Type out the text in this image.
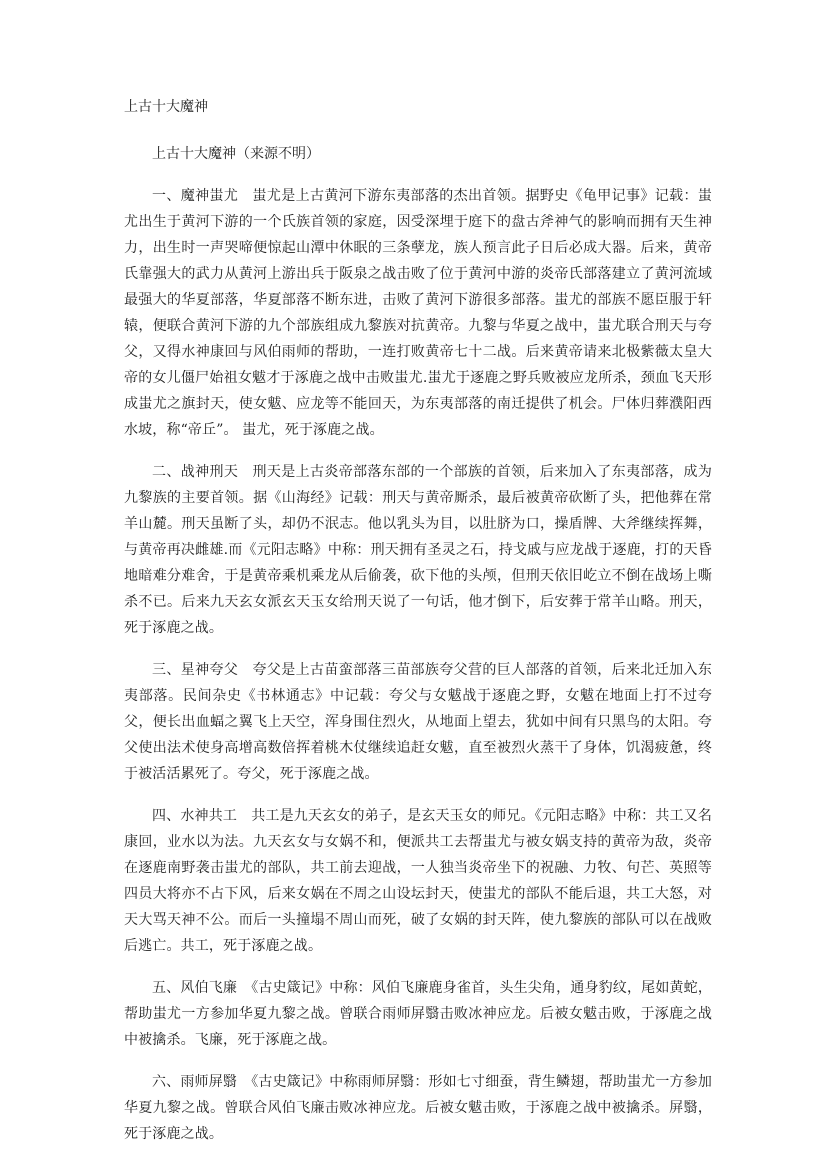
上古十大魔神
上古十大魔神（来源不明）

一、魔神蚩尤　蚩尤是上古黄河下游东夷部落的杰出首领。据野史《龟甲记事》记载：蚩尤出生于黄河下游的一个氏族首领的家庭，因受深埋于庭下的盘古斧神气的影响而拥有天生神力，出生时一声哭啼便惊起山潭中休眠的三条孽龙，族人预言此子日后必成大器。后来，黄帝氏靠强大的武力从黄河上游出兵于阪泉之战击败了位于黄河中游的炎帝氏部落建立了黄河流域最强大的华夏部落，华夏部落不断东进，击败了黄河下游很多部落。蚩尤的部族不愿臣服于轩辕，便联合黄河下游的九个部族组成九黎族对抗黄帝。九黎与华夏之战中，蚩尤联合刑天与夸父，又得水神康回与风伯雨师的帮助，一连打败黄帝七十二战。后来黄帝请来北极紫薇太皇大帝的女儿僵尸始祖女魃才于涿鹿之战中击败蚩尤.蚩尤于逐鹿之野兵败被应龙所杀，颈血飞天形成蚩尤之旗封天，使女魃、应龙等不能回天，为东夷部落的南迁提供了机会。尸体归葬濮阳西水坡，称“帝丘”。 蚩尤，死于涿鹿之战。

二、战神刑天　刑天是上古炎帝部落东部的一个部族的首领，后来加入了东夷部落，成为九黎族的主要首领。据《山海经》记载：刑天与黄帝厮杀，最后被黄帝砍断了头，把他葬在常羊山麓。刑天虽断了头，却仍不泯志。他以乳头为目，以肚脐为口，操盾牌、大斧继续挥舞，与黄帝再决雌雄.而《元阳志略》中称：刑天拥有圣灵之石，持戈戚与应龙战于逐鹿，打的天昏地暗难分难舍，于是黄帝乘机乘龙从后偷袭，砍下他的头颅，但刑天依旧屹立不倒在战场上嘶杀不已。后来九天玄女派玄天玉女给刑天说了一句话，他才倒下，后安葬于常羊山略。刑天，死于涿鹿之战。

三、星神夸父　夸父是上古苗蛮部落三苗部族夸父营的巨人部落的首领，后来北迁加入东夷部落。民间杂史《书林通志》中记载：夸父与女魃战于逐鹿之野，女魃在地面上打不过夸父，便长出血蝠之翼飞上天空，浑身围住烈火，从地面上望去，犹如中间有只黑鸟的太阳。夸父使出法术使身高增高数倍挥着桃木仗继续追赶女魃，直至被烈火蒸干了身体，饥渴疲惫，终于被活活累死了。夸父，死于涿鹿之战。

四、水神共工　共工是九天玄女的弟子，是玄天玉女的师兄。《元阳志略》中称：共工又名康回，业水以为法。九天玄女与女娲不和，便派共工去帮蚩尤与被女娲支持的黄帝为敌，炎帝在逐鹿南野袭击蚩尤的部队，共工前去迎战，一人独当炎帝坐下的祝融、力牧、句芒、英照等四员大将亦不占下风，后来女娲在不周之山设坛封天，使蚩尤的部队不能后退，共工大怒，对天大骂天神不公。而后一头撞塌不周山而死，破了女娲的封天阵，使九黎族的部队可以在战败后逃亡。共工，死于涿鹿之战。

五、风伯飞廉　《古史箴记》中称：风伯飞廉鹿身雀首，头生尖角，通身豹纹，尾如黄蛇，帮助蚩尤一方参加华夏九黎之战。曾联合雨师屏翳击败冰神应龙。后被女魃击败，于涿鹿之战中被擒杀。飞廉，死于涿鹿之战。

六、雨师屏翳　《古史箴记》中称雨师屏翳：形如七寸细蚕，背生鳞翅，帮助蚩尤一方参加华夏九黎之战。曾联合风伯飞廉击败冰神应龙。后被女魃击败，于涿鹿之战中被擒杀。屏翳，死于涿鹿之战。
